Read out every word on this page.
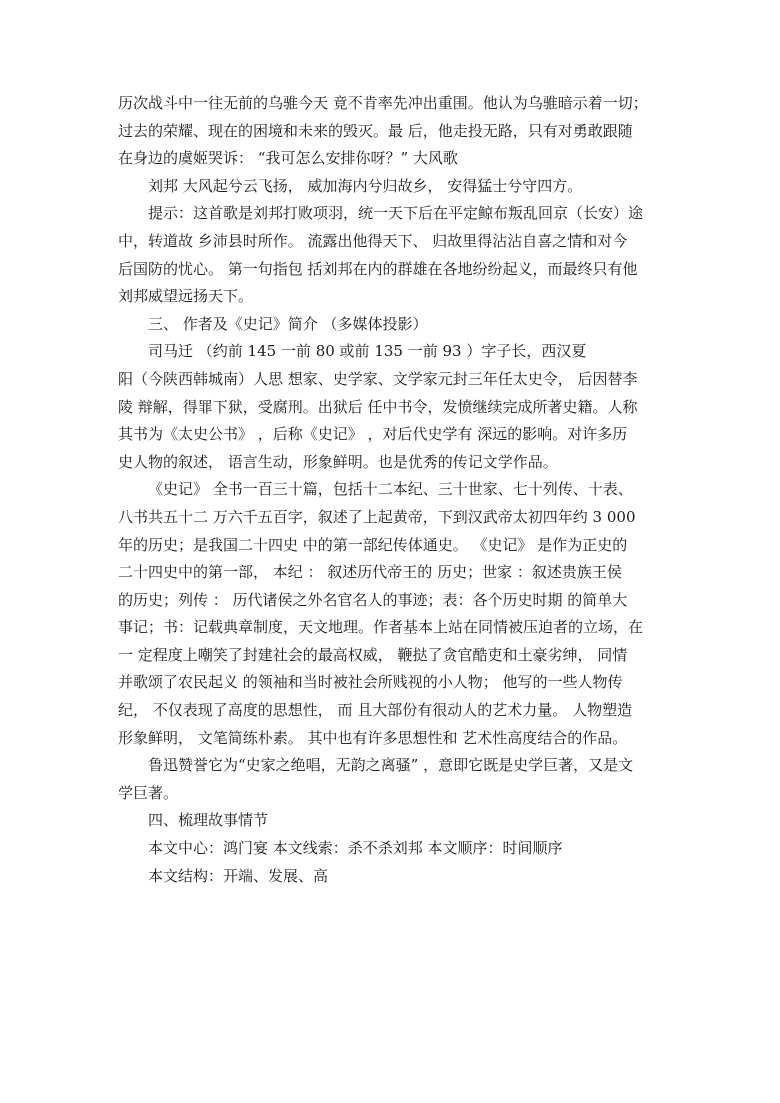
历次战斗中一往无前的乌骓今天 竟不肯率先冲出重围。他认为乌骓暗示着一切；
过去的荣耀、现在的困境和未来的毁灭。最 后，他走投无路，只有对勇敢跟随
在身边的虞姬哭诉： “我可怎么安排你呀？” 大风歌
刘邦 大风起兮云飞扬， 威加海内兮归故乡， 安得猛士兮守四方。
提示：这首歌是刘邦打败项羽，统一天下后在平定鲸布叛乱回京（长安）途
中，转道故 乡沛县时所作。 流露出他得天下、 归故里得沾沾自喜之情和对今
后国防的忧心。 第一句指包 括刘邦在内的群雄在各地纷纷起义，而最终只有他
刘邦威望远扬天下。
三、 作者及《史记》简介 （多媒体投影）
司马迁 （约前 145 一前 80 或前 135 一前 93 ）字子长，西汉夏
阳（今陕西韩城南）人思 想家、史学家、文学家元封三年任太史令， 后因替李
陵 辩解，得罪下狱，受腐刑。出狱后 任中书令，发愤继续完成所著史籍。人称
其书为《太史公书》 ，后称《史记》 ，对后代史学有 深远的影响。对许多历
史人物的叙述， 语言生动，形象鲜明。也是优秀的传记文学作品。
《史记》 全书一百三十篇，包括十二本纪、三十世家、七十列传、十表、
八书共五十二 万六千五百字，叙述了上起黄帝，下到汉武帝太初四年约 3 000
年的历史；是我国二十四史 中的第一部纪传体通史。 《史记》 是作为正史的
二十四史中的第一部， 本纪 ： 叙述历代帝王的 历史；世家 ：叙述贵族王侯
的历史；列传 ： 历代诸侯之外名官名人的事迹；表：各个历史时期 的简单大
事记；书：记载典章制度，天文地理。作者基本上站在同情被压迫者的立场，在
一 定程度上嘲笑了封建社会的最高权威， 鞭挞了贪官酷吏和土豪劣绅， 同情
并歌颂了农民起义 的领袖和当时被社会所贱视的小人物； 他写的一些人物传
纪， 不仅表现了高度的思想性， 而 且大部份有很动人的艺术力量。 人物塑造
形象鲜明， 文笔简练朴素。 其中也有许多思想性和 艺术性高度结合的作品。
鲁迅赞誉它为“史家之绝唱，无韵之离骚” ，意即它既是史学巨著，又是文
学巨著。
四、梳理故事情节
本文中心：鸿门宴 本文线索：杀不杀刘邦 本文顺序：时间顺序
本文结构：开端、发展、高
